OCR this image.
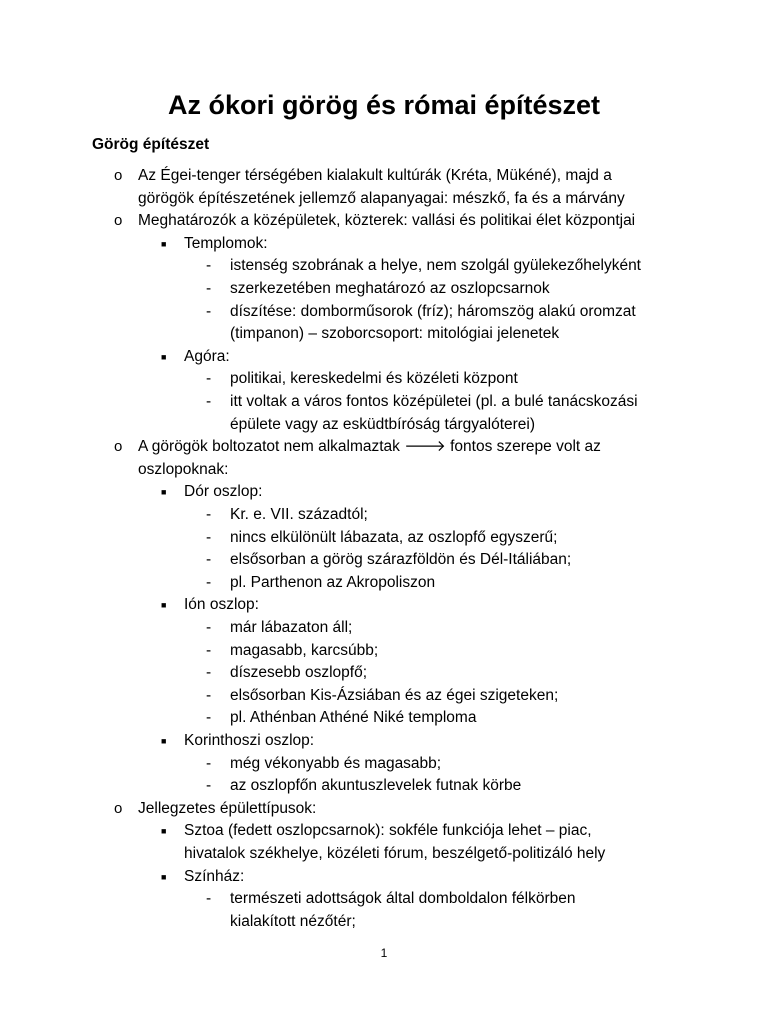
Az ókori görög és római építészet
Görög építészet
o Az Égei-tenger térségében kialakult kultúrák (Kréta, Mükéné), majd a
görögök építészetének jellemző alapanyagai: mészkő, fa és a márvány
o Meghatározók a középületek, közterek: vallási és politikai élet központjai
■ Templomok:
- istenség szobrának a helye, nem szolgál gyülekezőhelyként
- szerkezetében meghatározó az oszlopcsarnok
- díszítése: domborműsorok (fríz); háromszög alakú oromzat
(timpanon) – szoborcsoport: mitológiai jelenetek
■ Agóra:
- politikai, kereskedelmi és közéleti központ
- itt voltak a város fontos középületei (pl. a bulé tanácskozási
épülete vagy az esküdtbíróság tárgyalóterei)
o A görögök boltozatot nem alkalmaztak 🡒 fontos szerepe volt az
oszlopoknak:
■ Dór oszlop:
- Kr. e. VII. századtól;
- nincs elkülönült lábazata, az oszlopfő egyszerű;
- elsősorban a görög szárazföldön és Dél-Itáliában;
- pl. Parthenon az Akropoliszon
■ Ión oszlop:
- már lábazaton áll;
- magasabb, karcsúbb;
- díszesebb oszlopfő;
- elsősorban Kis-Ázsiában és az égei szigeteken;
- pl. Athénban Athéné Niké temploma
■ Korinthoszi oszlop:
- még vékonyabb és magasabb;
- az oszlopfőn akuntuszlevelek futnak körbe
o Jellegzetes épülettípusok:
■ Sztoa (fedett oszlopcsarnok): sokféle funkciója lehet – piac,
hivatalok székhelye, közéleti fórum, beszélgető-politizáló hely
■ Színház:
- természeti adottságok által domboldalon félkörben
kialakított nézőtér;
1
